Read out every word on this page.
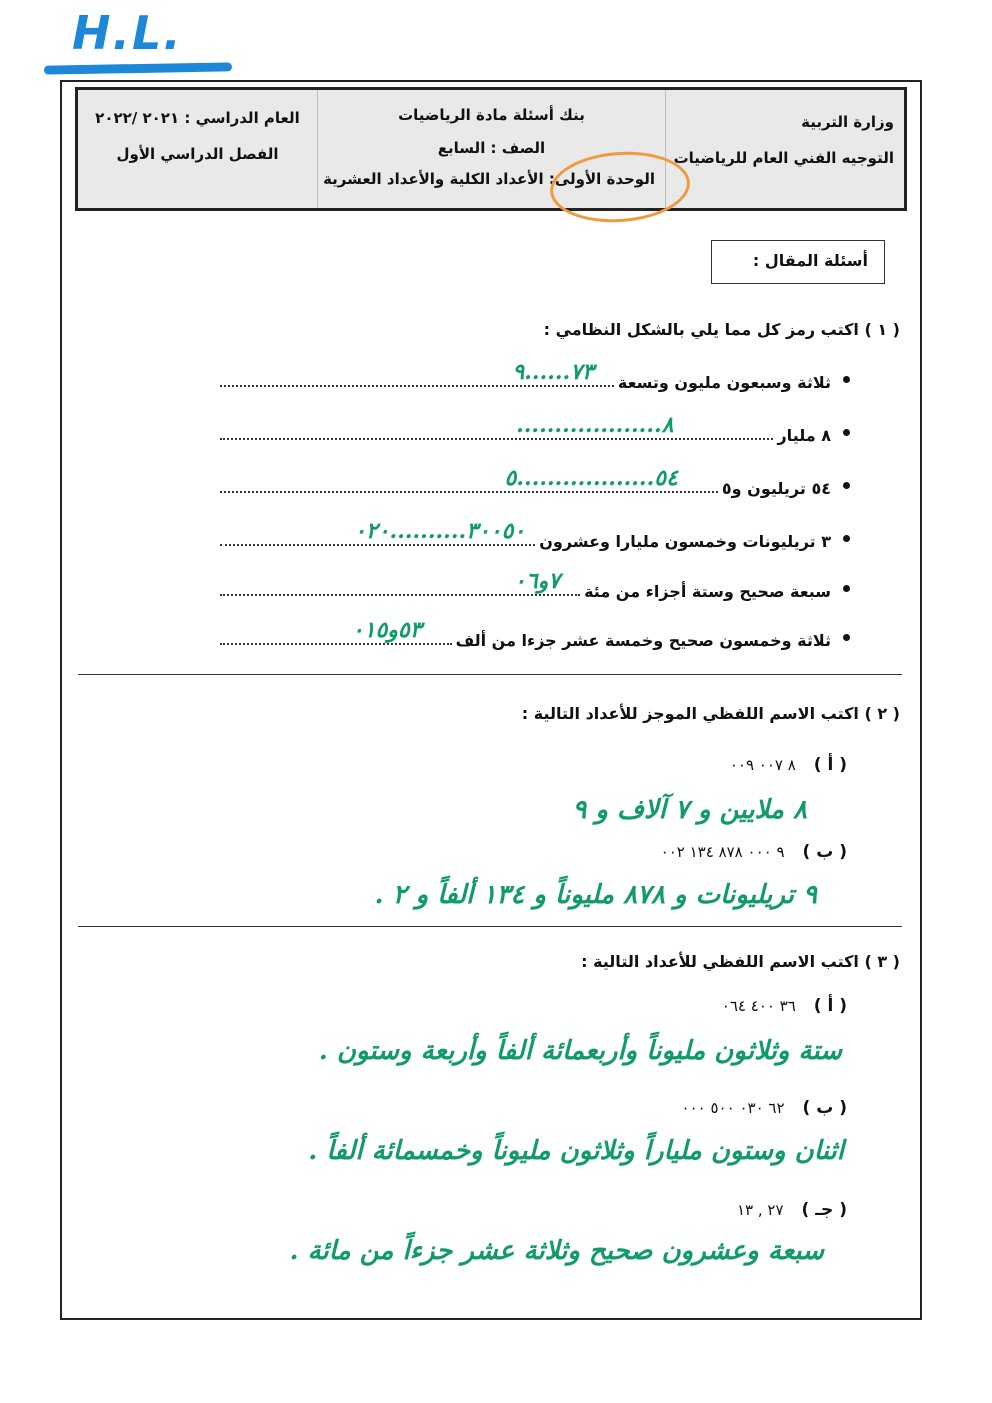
H.L.
وزارة التربية
التوجيه الفني العام للرياضيات
بنك أسئلة مادة الرياضيات
الصف : السابع
الوحدة الأولى: الأعداد الكلية والأعداد العشرية
العام الدراسي : ٢٠٢١ /٢٠٢٢
الفصل الدراسي الأول
أسئلة المقال :
( ١ ) اكتب رمز كل مما يلي بالشكل النظامي :
ثلاثة وسبعون مليون وتسعة
٧٣......٩
٨ مليار
٨...................
٥٤ تريليون و٥
٥٤..................٥
٣ تريليونات وخمسون مليارا وعشرون
٣٠٠٥٠..........٠٢٠
سبعة صحيح وستة أجزاء من مئة
٧و٠٦
ثلاثة وخمسون صحيح وخمسة عشر جزءا من ألف
٥٣و٠١٥
( ٢ ) اكتب الاسم اللفظي الموجز للأعداد التالية :
( أ )٨ ٠٠٧ ٠٠٩
٨ ملايين و ٧ آلاف و ٩
( ب )٩ ٠٠٠ ٨٧٨ ١٣٤ ٠٠٢
٩ تريليونات و ٨٧٨ مليوناً و ١٣٤ ألفاً و ٢ .
( ٣ ) اكتب الاسم اللفظي للأعداد التالية :
( أ )٣٦ ٤٠٠ ٠٦٤
ستة وثلاثون مليوناً وأربعمائة ألفاً وأربعة وستون .
( ب )٦٢ ٠٣٠ ٥٠٠ ٠٠٠
اثنان وستون ملياراً وثلاثون مليوناً وخمسمائة ألفاً .
( جـ )٢٧ , ١٣
سبعة وعشرون صحيح وثلاثة عشر جزءاً من مائة .
